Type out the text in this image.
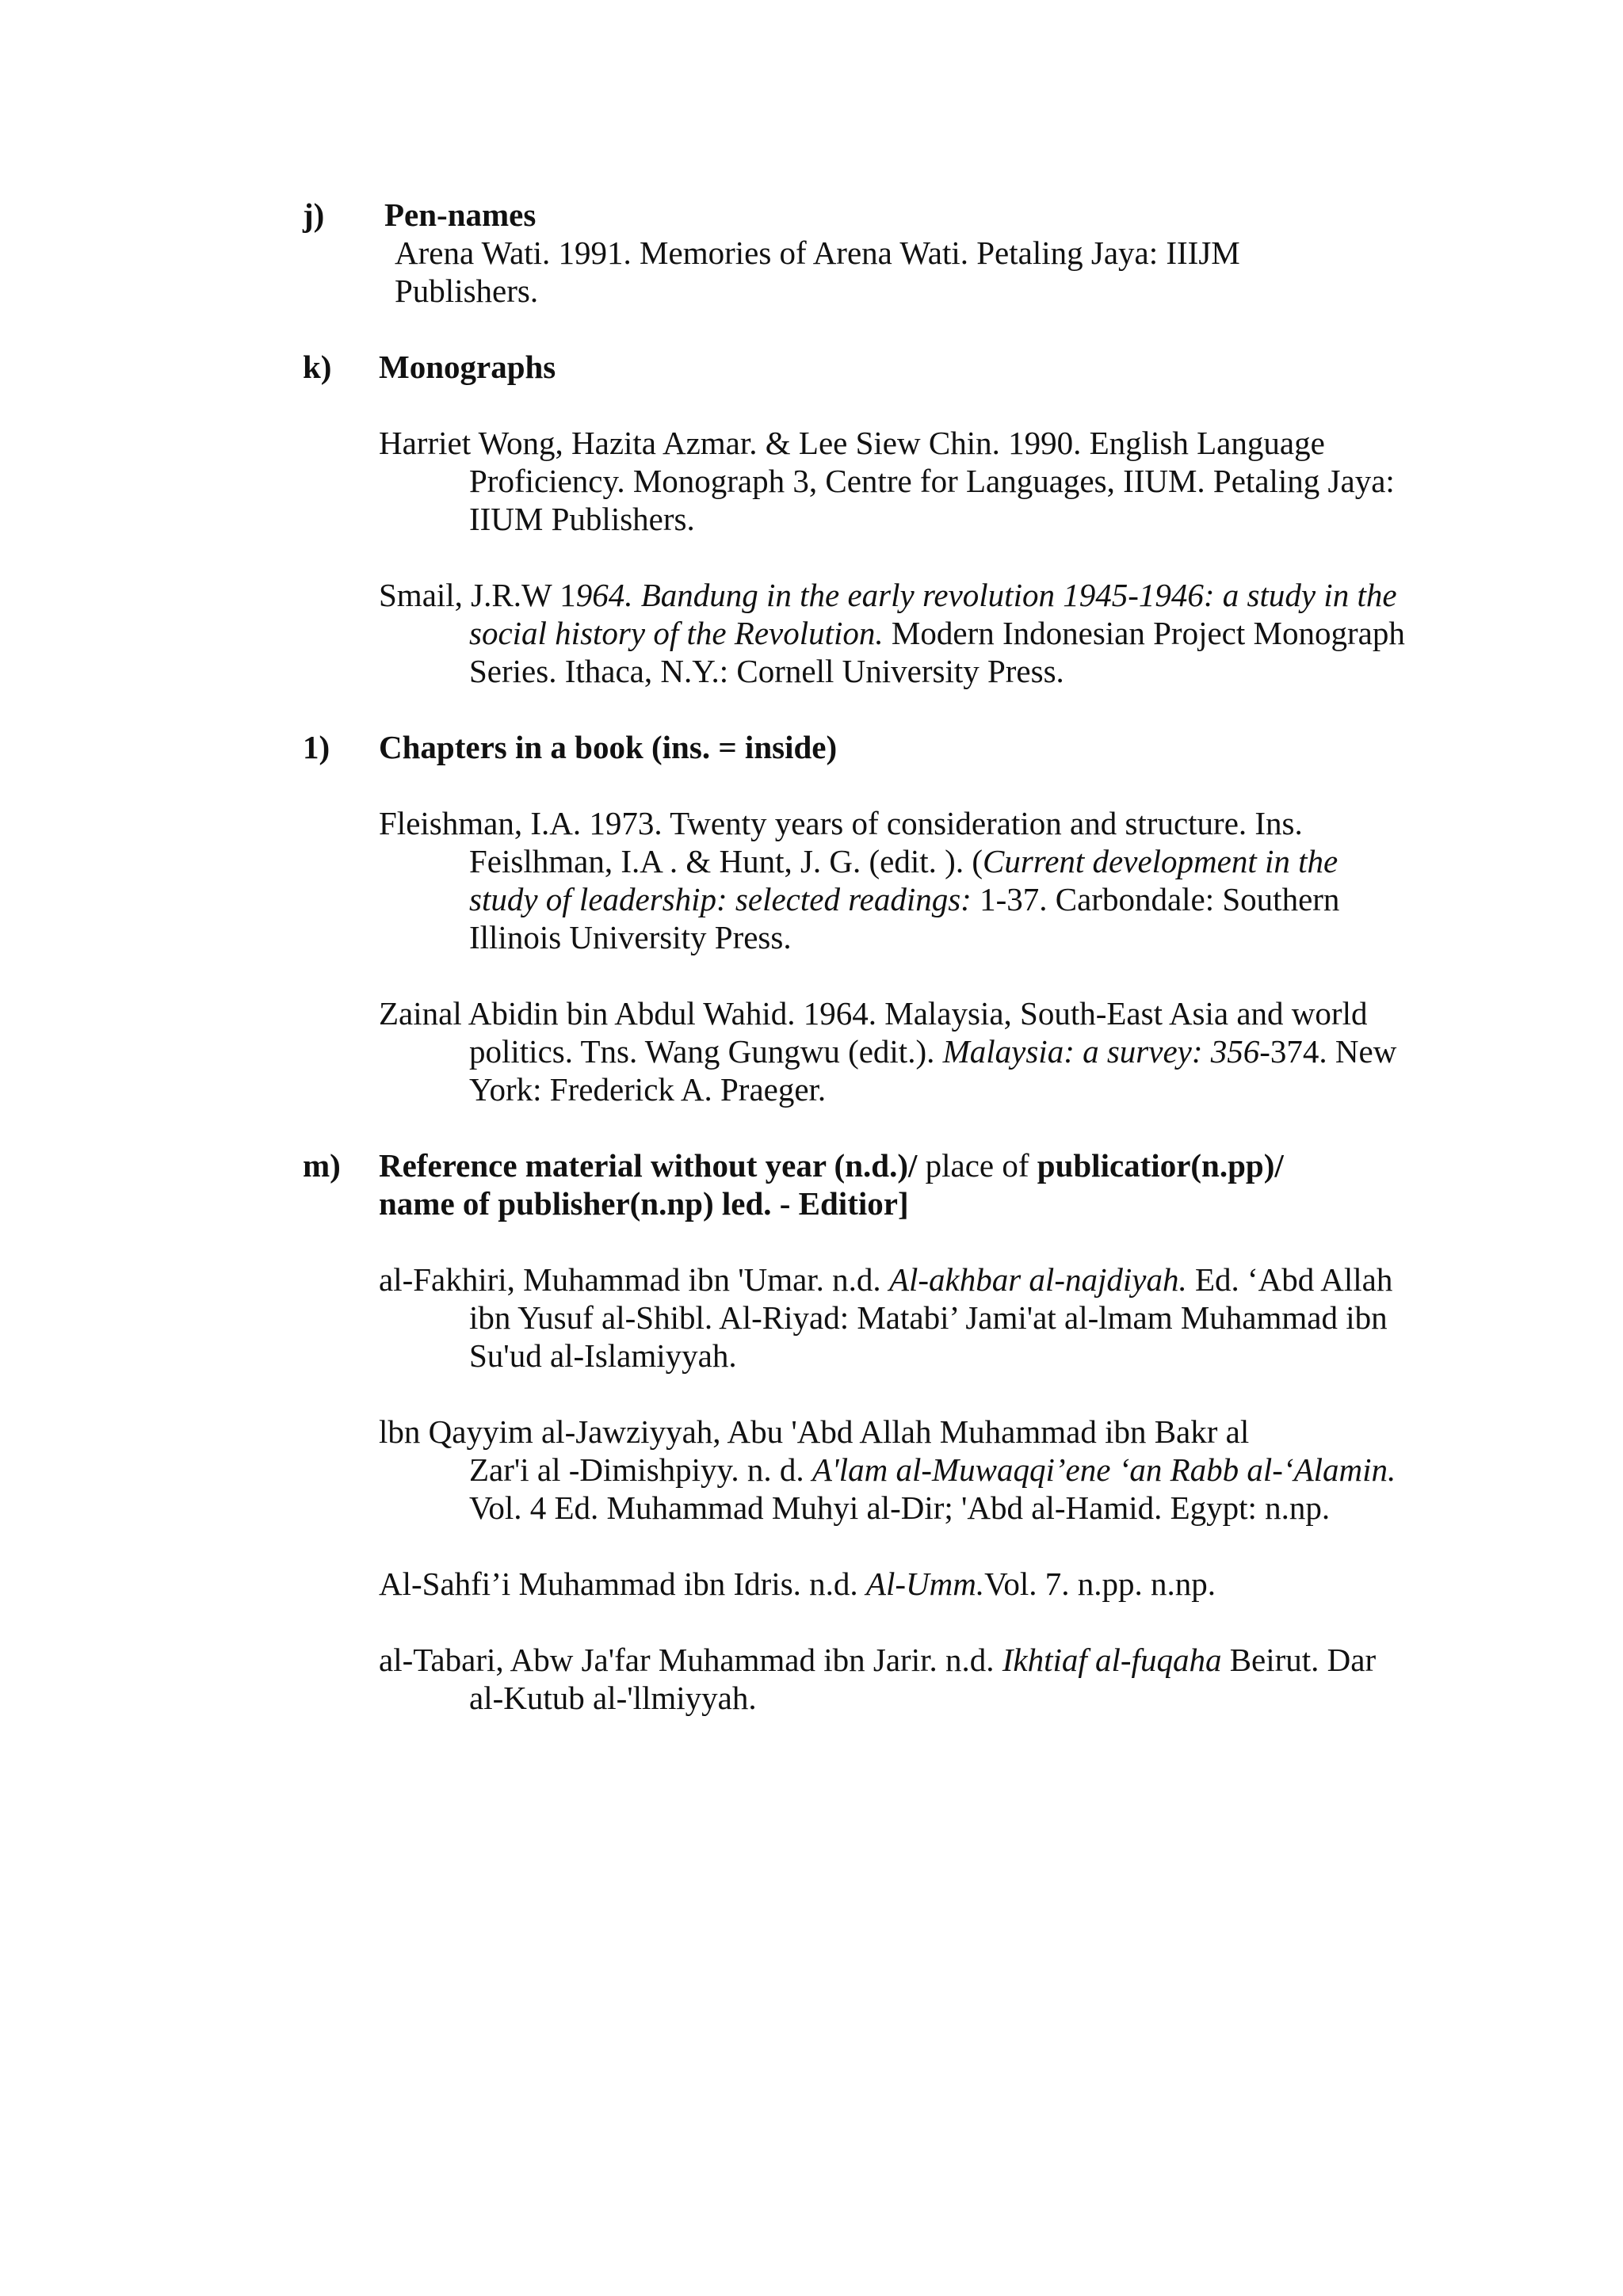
j) Pen-names
Arena Wati. 1991. Memories of Arena Wati. Petaling Jaya: IIIJM
Publishers.
k) Monographs
Harriet Wong, Hazita Azmar. & Lee Siew Chin. 1990. English Language
Proficiency. Monograph 3, Centre for Languages, IIUM. Petaling Jaya:
IIUM Publishers.
Smail, J.R.W 1964. Bandung in the early revolution 1945-1946: a study in the
social history of the Revolution. Modern Indonesian Project Monograph
Series. Ithaca, N.Y.: Cornell University Press.
1) Chapters in a book (ins. = inside)
Fleishman, I.A. 1973. Twenty years of consideration and structure. Ins.
Feislhman, I.A . & Hunt, J. G. (edit. ). (Current development in the
study of leadership: selected readings: 1-37. Carbondale: Southern
Illinois University Press.
Zainal Abidin bin Abdul Wahid. 1964. Malaysia, South-East Asia and world
politics. Tns. Wang Gungwu (edit.). Malaysia: a survey: 356-374. New
York: Frederick A. Praeger.
m) Reference material without year (n.d.)/ place of publicatior(n.pp)/
name of publisher(n.np) led. - Editior]
al-Fakhiri, Muhammad ibn 'Umar. n.d. Al-akhbar al-najdiyah. Ed. ‘Abd Allah
ibn Yusuf al-Shibl. Al-Riyad: Matabi’ Jami'at al-lmam Muhammad ibn
Su'ud al-Islamiyyah.
lbn Qayyim al-Jawziyyah, Abu 'Abd Allah Muhammad ibn Bakr al
Zar'i al -Dimishpiyy. n. d. A'lam al-Muwaqqi’ene ‘an Rabb al-‘Alamin.
Vol. 4 Ed. Muhammad Muhyi al-Dir; 'Abd al-Hamid. Egypt: n.np.
Al-Sahfi’i Muhammad ibn Idris. n.d. Al-Umm.Vol. 7. n.pp. n.np.
al-Tabari, Abw Ja'far Muhammad ibn Jarir. n.d. Ikhtiaf al-fuqaha Beirut. Dar
al-Kutub al-'llmiyyah.
